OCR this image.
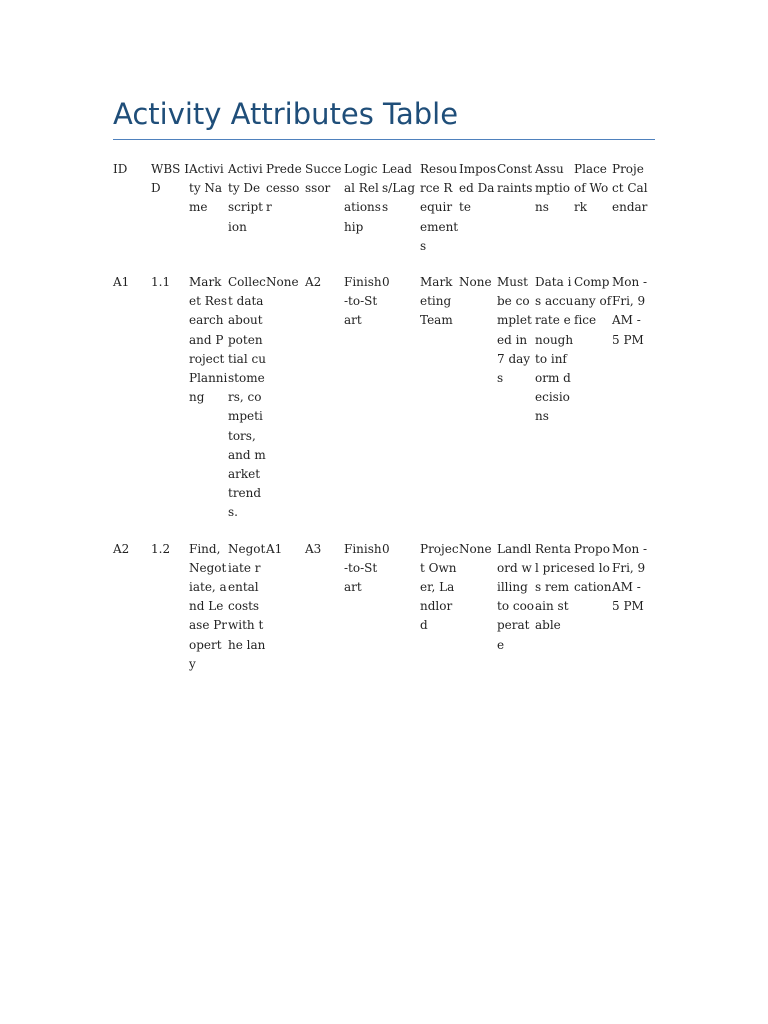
Activity Attributes Table
ID	WBS ID	Activity Name	Activity Description	Predecessor	Successor	Logical Relationship	Leads/Lags	Resource Requirements	Imposed Date	Constraints	Assumptions	Place of Work	Project Calendar

A1	1.1	Market Research and Project Planning	Collect data about potential customers, competitors, and market trends.	None	A2	Finish-to-Start	0	Marketing Team	None	Must be completed in 7 days	Data is accurate enough to inform decisions	Company office	Mon - Fri, 9 AM - 5 PM

A2	1.2	Find, Negotiate, and Lease Property	Negotiate rental costs with the lan	A1	A3	Finish-to-Start	0	Project Owner, Landlord	None	Landlord willing to cooperate	Rental prices remain stable	Proposed location	Mon - Fri, 9 AM - 5 PM
